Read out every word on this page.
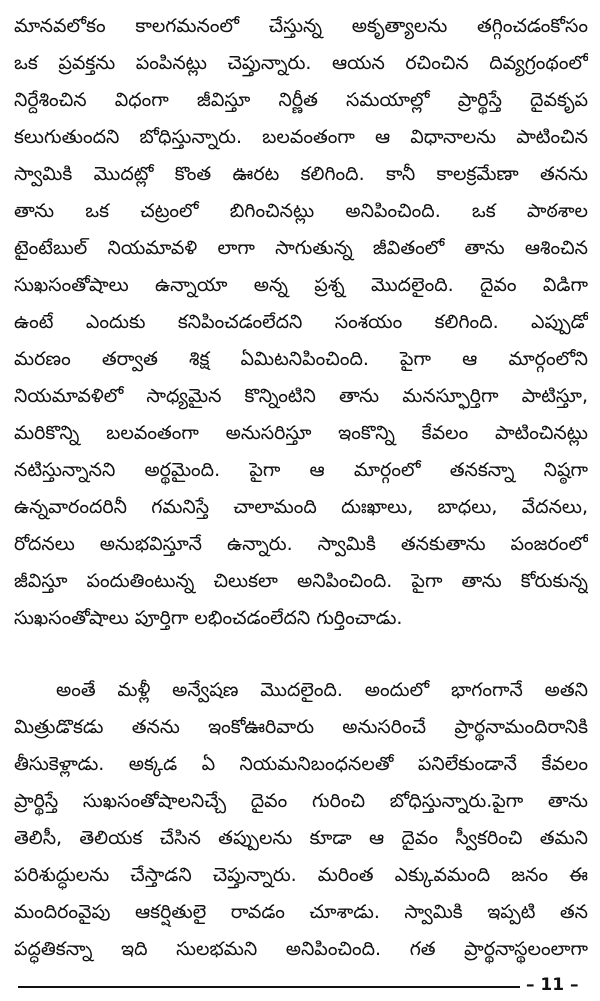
మానవలోకం కాలగమనంలో చేస్తున్న అకృత్యాలను తగ్గించడంకోసం
ఒక ప్రవక్తను పంపినట్లు చెప్తున్నారు. ఆయన రచించిన దివ్యగ్రంథంలో
నిర్దేశించిన విధంగా జీవిస్తూ నిర్ణీత సమయాల్లో ప్రార్థిస్తే దైవకృప
కలుగుతుందని బోధిస్తున్నారు. బలవంతంగా ఆ విధానాలను పాటించిన
స్వామికి మొదట్లో కొంత ఊరట కలిగింది. కానీ కాలక్రమేణా తనను
తాను ఒక చట్రంలో బిగించినట్లు అనిపించింది. ఒక పాఠశాల
టైంటేబుల్ నియమావళి లాగా సాగుతున్న జీవితంలో తాను ఆశించిన
సుఖసంతోషాలు ఉన్నాయా అన్న ప్రశ్న మొదలైంది. దైవం విడిగా
ఉంటే ఎందుకు కనిపించడంలేదని సంశయం కలిగింది. ఎప్పుడో
మరణం తర్వాత శిక్ష ఏమిటనిపించింది. పైగా ఆ మార్గంలోని
నియమావళిలో సాధ్యమైన కొన్నింటిని తాను మనస్ఫూర్తిగా పాటిస్తూ,
మరికొన్ని బలవంతంగా అనుసరిస్తూ ఇంకొన్ని కేవలం పాటించినట్లు
నటిస్తున్నానని అర్థమైంది. పైగా ఆ మార్గంలో తనకన్నా నిష్ఠగా
ఉన్నవారందరినీ గమనిస్తే చాలామంది దుఃఖాలు, బాధలు, వేదనలు,
రోదనలు అనుభవిస్తూనే ఉన్నారు. స్వామికి తనకుతాను పంజరంలో
జీవిస్తూ పందుతింటున్న చిలుకలా అనిపించింది. పైగా తాను కోరుకున్న
సుఖసంతోషాలు పూర్తిగా లభించడంలేదని గుర్తించాడు.
అంతే మళ్లీ అన్వేషణ మొదలైంది. అందులో భాగంగానే అతని
మిత్రుడొకడు తనను ఇంకోఊరివారు అనుసరించే ప్రార్థనామందిరానికి
తీసుకెళ్లాడు. అక్కడ ఏ నియమనిబంధనలతో పనిలేకుండానే కేవలం
ప్రార్థిస్తే సుఖసంతోషాలనిచ్చే దైవం గురించి బోధిస్తున్నారు.పైగా తాను
తెలిసీ, తెలియక చేసిన తప్పులను కూడా ఆ దైవం స్వీకరించి తమని
పరిశుద్ధులను చేస్తాడని చెప్తున్నారు. మరింత ఎక్కువమంది జనం ఈ
మందిరంవైపు ఆకర్షితులై రావడం చూశాడు. స్వామికి ఇప్పటి తన
పద్ధతికన్నా ఇది సులభమని అనిపించింది. గత ప్రార్థనాస్థలంలాగా
– 11 –
